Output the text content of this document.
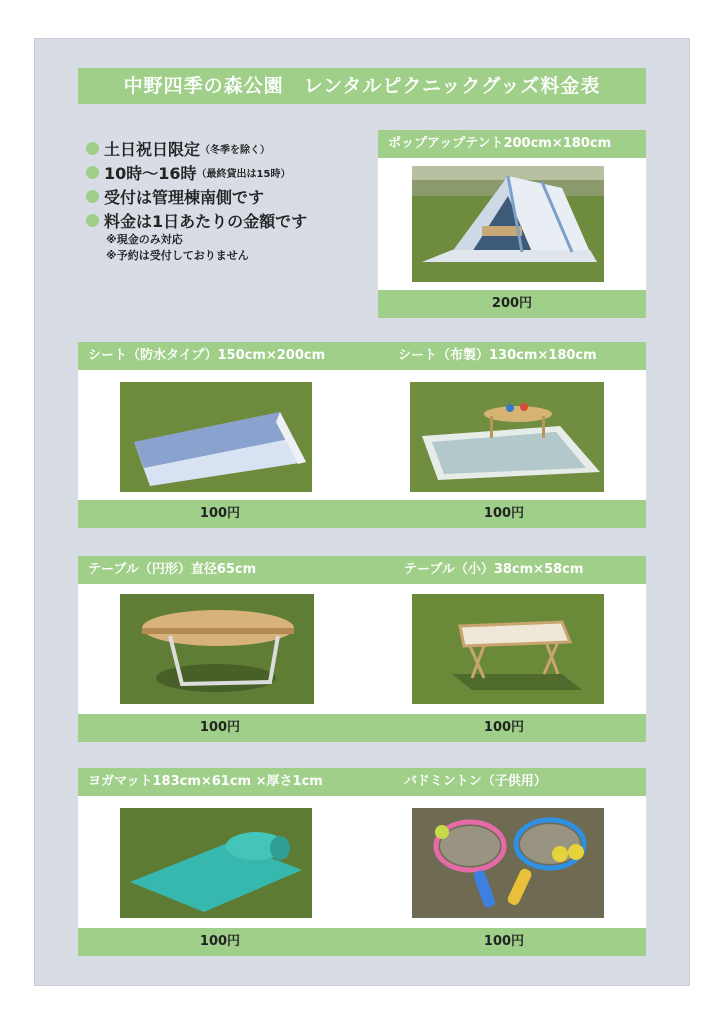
中野四季の森公園　レンタルピクニックグッズ料金表
土日祝日限定 （冬季を除く）
10時～16時 （最終貸出は15時）
受付は管理棟南側です
料金は1日あたりの金額です
※現金のみ対応
※予約は受付しておりません
ポップアップテント200cm×180cm
200円
シート（防水タイプ）150cm×200cm	シート（布製）130cm×180cm
100円	100円
テーブル（円形）直径65cm	テーブル（小）38cm×58cm
100円	100円
ヨガマット183cm×61cm ×厚さ1cm	バドミントン（子供用）
100円	100円
